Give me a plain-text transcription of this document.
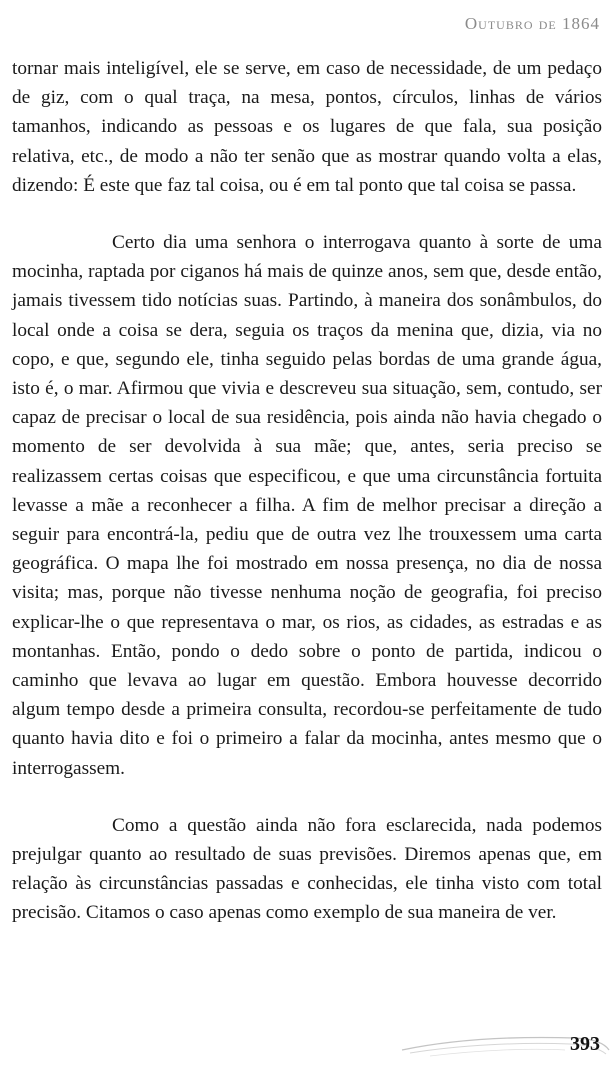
Outubro de 1864

tornar mais inteligível, ele se serve, em caso de necessidade, de um pedaço de giz, com o qual traça, na mesa, pontos, círculos, linhas de vários tamanhos, indicando as pessoas e os lugares de que fala, sua posição relativa, etc., de modo a não ter senão que as mostrar quando volta a elas, dizendo: É este que faz tal coisa, ou é em tal ponto que tal coisa se passa.

Certo dia uma senhora o interrogava quanto à sorte de uma mocinha, raptada por ciganos há mais de quinze anos, sem que, desde então, jamais tivessem tido notícias suas. Partindo, à maneira dos sonâmbulos, do local onde a coisa se dera, seguia os traços da menina que, dizia, via no copo, e que, segundo ele, tinha seguido pelas bordas de uma grande água, isto é, o mar. Afirmou que vivia e descreveu sua situação, sem, contudo, ser capaz de precisar o local de sua residência, pois ainda não havia chegado o momento de ser devolvida à sua mãe; que, antes, seria preciso se realizassem certas coisas que especificou, e que uma circunstância fortuita levasse a mãe a reconhecer a filha. A fim de melhor precisar a direção a seguir para encontrá-la, pediu que de outra vez lhe trouxessem uma carta geográfica. O mapa lhe foi mostrado em nossa presença, no dia de nossa visita; mas, porque não tivesse nenhuma noção de geografia, foi preciso explicar-lhe o que representava o mar, os rios, as cidades, as estradas e as montanhas. Então, pondo o dedo sobre o ponto de partida, indicou o caminho que levava ao lugar em questão. Embora houvesse decorrido algum tempo desde a primeira consulta, recordou-se perfeitamente de tudo quanto havia dito e foi o primeiro a falar da mocinha, antes mesmo que o interrogassem.

Como a questão ainda não fora esclarecida, nada podemos prejulgar quanto ao resultado de suas previsões. Diremos apenas que, em relação às circunstâncias passadas e conhecidas, ele tinha visto com total precisão. Citamos o caso apenas como exemplo de sua maneira de ver.

393
